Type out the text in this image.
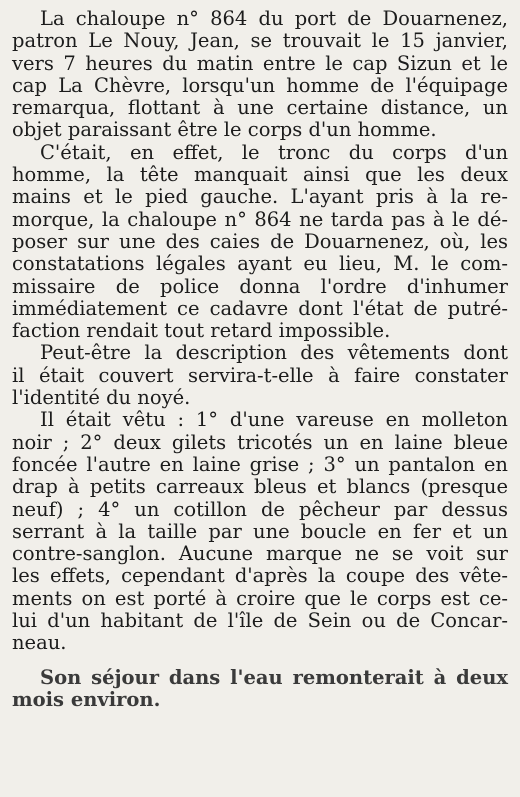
La chaloupe n° 864 du port de Douarnenez,
patron Le Nouy, Jean, se trouvait le 15 janvier,
vers 7 heures du matin entre le cap Sizun et le
cap La Chèvre, lorsqu'un homme de l'équipage
remarqua, flottant à une certaine distance, un
objet paraissant être le corps d'un homme.

C'était, en effet, le tronc du corps d'un
homme, la tête manquait ainsi que les deux
mains et le pied gauche. L'ayant pris à la re-
morque, la chaloupe n° 864 ne tarda pas à le dé-
poser sur une des caies de Douarnenez, où, les
constatations légales ayant eu lieu, M. le com-
missaire de police donna l'ordre d'inhumer
immédiatement ce cadavre dont l'état de putré-
faction rendait tout retard impossible.

Peut-être la description des vêtements dont
il était couvert servira-t-elle à faire constater
l'identité du noyé.

Il était vêtu : 1° d'une vareuse en molleton
noir ; 2° deux gilets tricotés un en laine bleue
foncée l'autre en laine grise ; 3° un pantalon en
drap à petits carreaux bleus et blancs (presque
neuf) ; 4° un cotillon de pêcheur par dessus
serrant à la taille par une boucle en fer et un
contre-sanglon. Aucune marque ne se voit sur
les effets, cependant d'après la coupe des vête-
ments on est porté à croire que le corps est ce-
lui d'un habitant de l'île de Sein ou de Concar-
neau.

Son séjour dans l'eau remonterait à deux
mois environ.
